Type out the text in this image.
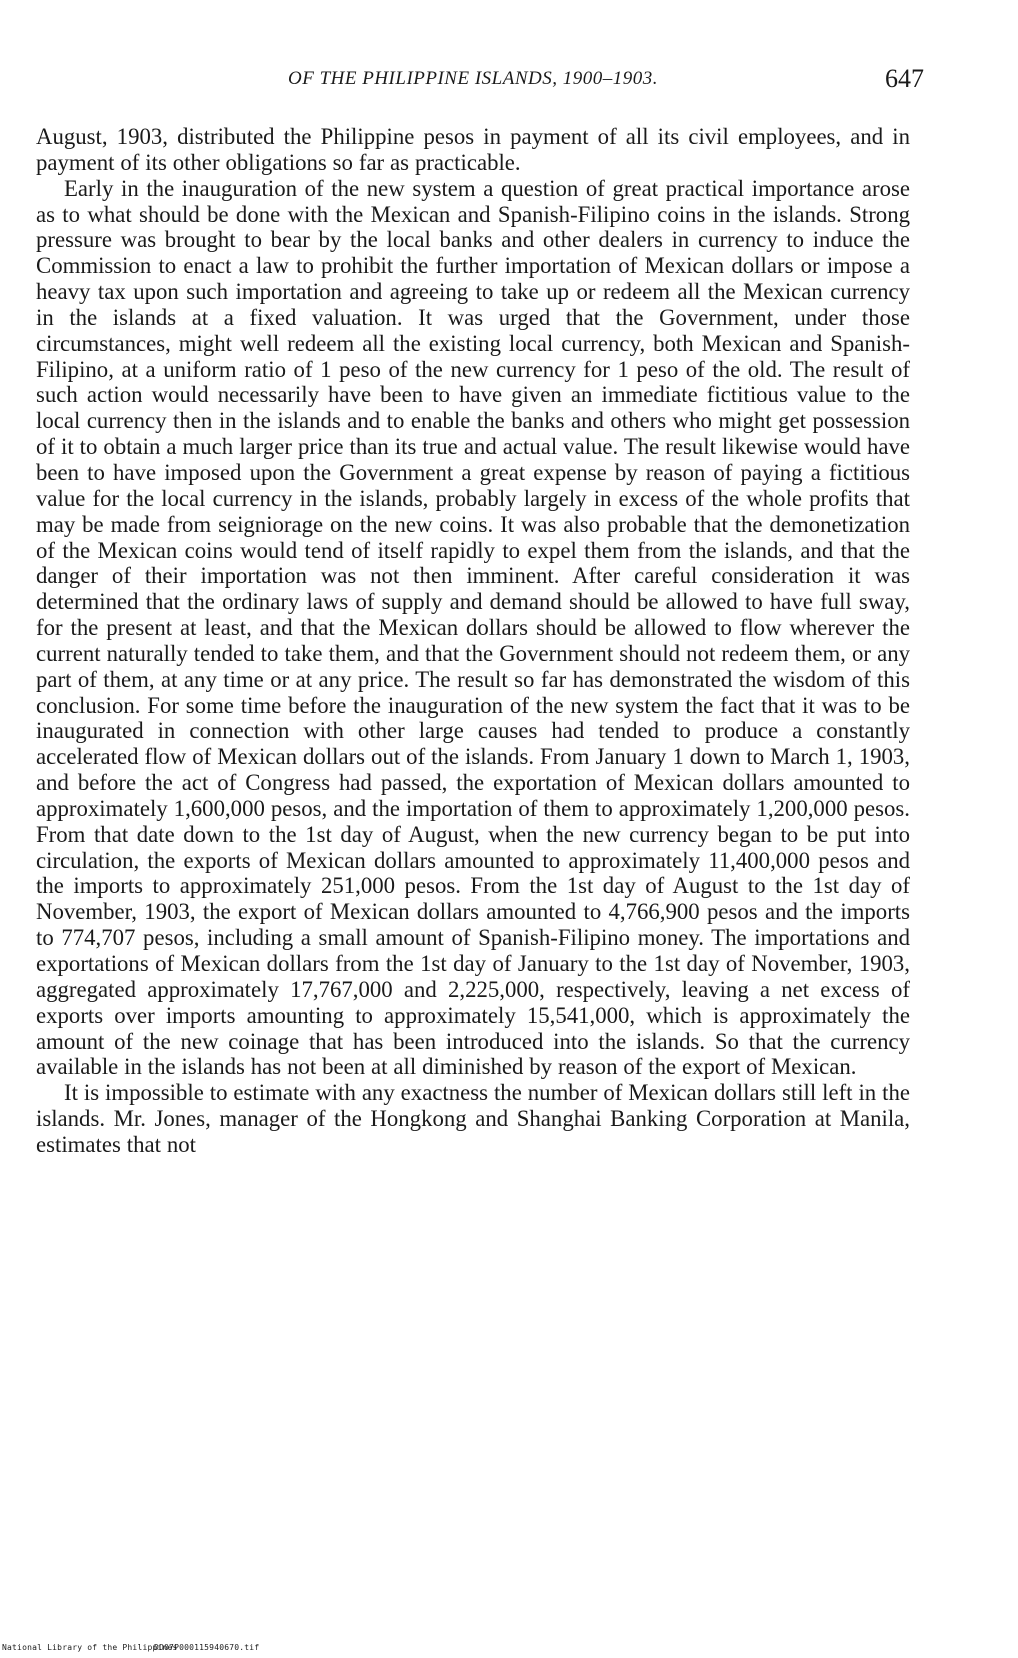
OF THE PHILIPPINE ISLANDS, 1900–1903.	647

August, 1903, distributed the Philippine pesos in payment of all its civil employees, and in payment of its other obligations so far as practicable.

Early in the inauguration of the new system a question of great practical importance arose as to what should be done with the Mexican and Spanish-Filipino coins in the islands. Strong pressure was brought to bear by the local banks and other dealers in currency to induce the Commission to enact a law to prohibit the further importation of Mexican dollars or impose a heavy tax upon such importation and agreeing to take up or redeem all the Mexican currency in the islands at a fixed valuation. It was urged that the Government, under those circumstances, might well redeem all the existing local currency, both Mexican and Spanish-Filipino, at a uniform ratio of 1 peso of the new currency for 1 peso of the old. The result of such action would necessarily have been to have given an immediate fictitious value to the local currency then in the islands and to enable the banks and others who might get possession of it to obtain a much larger price than its true and actual value. The result likewise would have been to have imposed upon the Government a great expense by reason of paying a fictitious value for the local currency in the islands, probably largely in excess of the whole profits that may be made from seigniorage on the new coins. It was also probable that the demonetization of the Mexican coins would tend of itself rapidly to expel them from the islands, and that the danger of their importation was not then imminent. After careful consideration it was determined that the ordinary laws of supply and demand should be allowed to have full sway, for the present at least, and that the Mexican dollars should be allowed to flow wherever the current naturally tended to take them, and that the Government should not redeem them, or any part of them, at any time or at any price. The result so far has demonstrated the wisdom of this conclusion. For some time before the inauguration of the new system the fact that it was to be inaugurated in connection with other large causes had tended to produce a constantly accelerated flow of Mexican dollars out of the islands. From January 1 down to March 1, 1903, and before the act of Congress had passed, the exportation of Mexican dollars amounted to approximately 1,600,000 pesos, and the importation of them to approximately 1,200,000 pesos. From that date down to the 1st day of August, when the new currency began to be put into circulation, the exports of Mexican dollars amounted to approximately 11,400,000 pesos and the imports to approximately 251,000 pesos. From the 1st day of August to the 1st day of November, 1903, the export of Mexican dollars amounted to 4,766,900 pesos and the imports to 774,707 pesos, including a small amount of Spanish-Filipino money. The importations and exportations of Mexican dollars from the 1st day of January to the 1st day of November, 1903, aggregated approximately 17,767,000 and 2,225,000, respectively, leaving a net excess of exports over imports amounting to approximately 15,541,000, which is approximately the amount of the new coinage that has been introduced into the islands. So that the currency available in the islands has not been at all diminished by reason of the export of Mexican.

It is impossible to estimate with any exactness the number of Mexican dollars still left in the islands. Mr. Jones, manager of the Hongkong and Shanghai Banking Corporation at Manila, estimates that not

National Library of the Philippines
DO07P000115940670.tif
